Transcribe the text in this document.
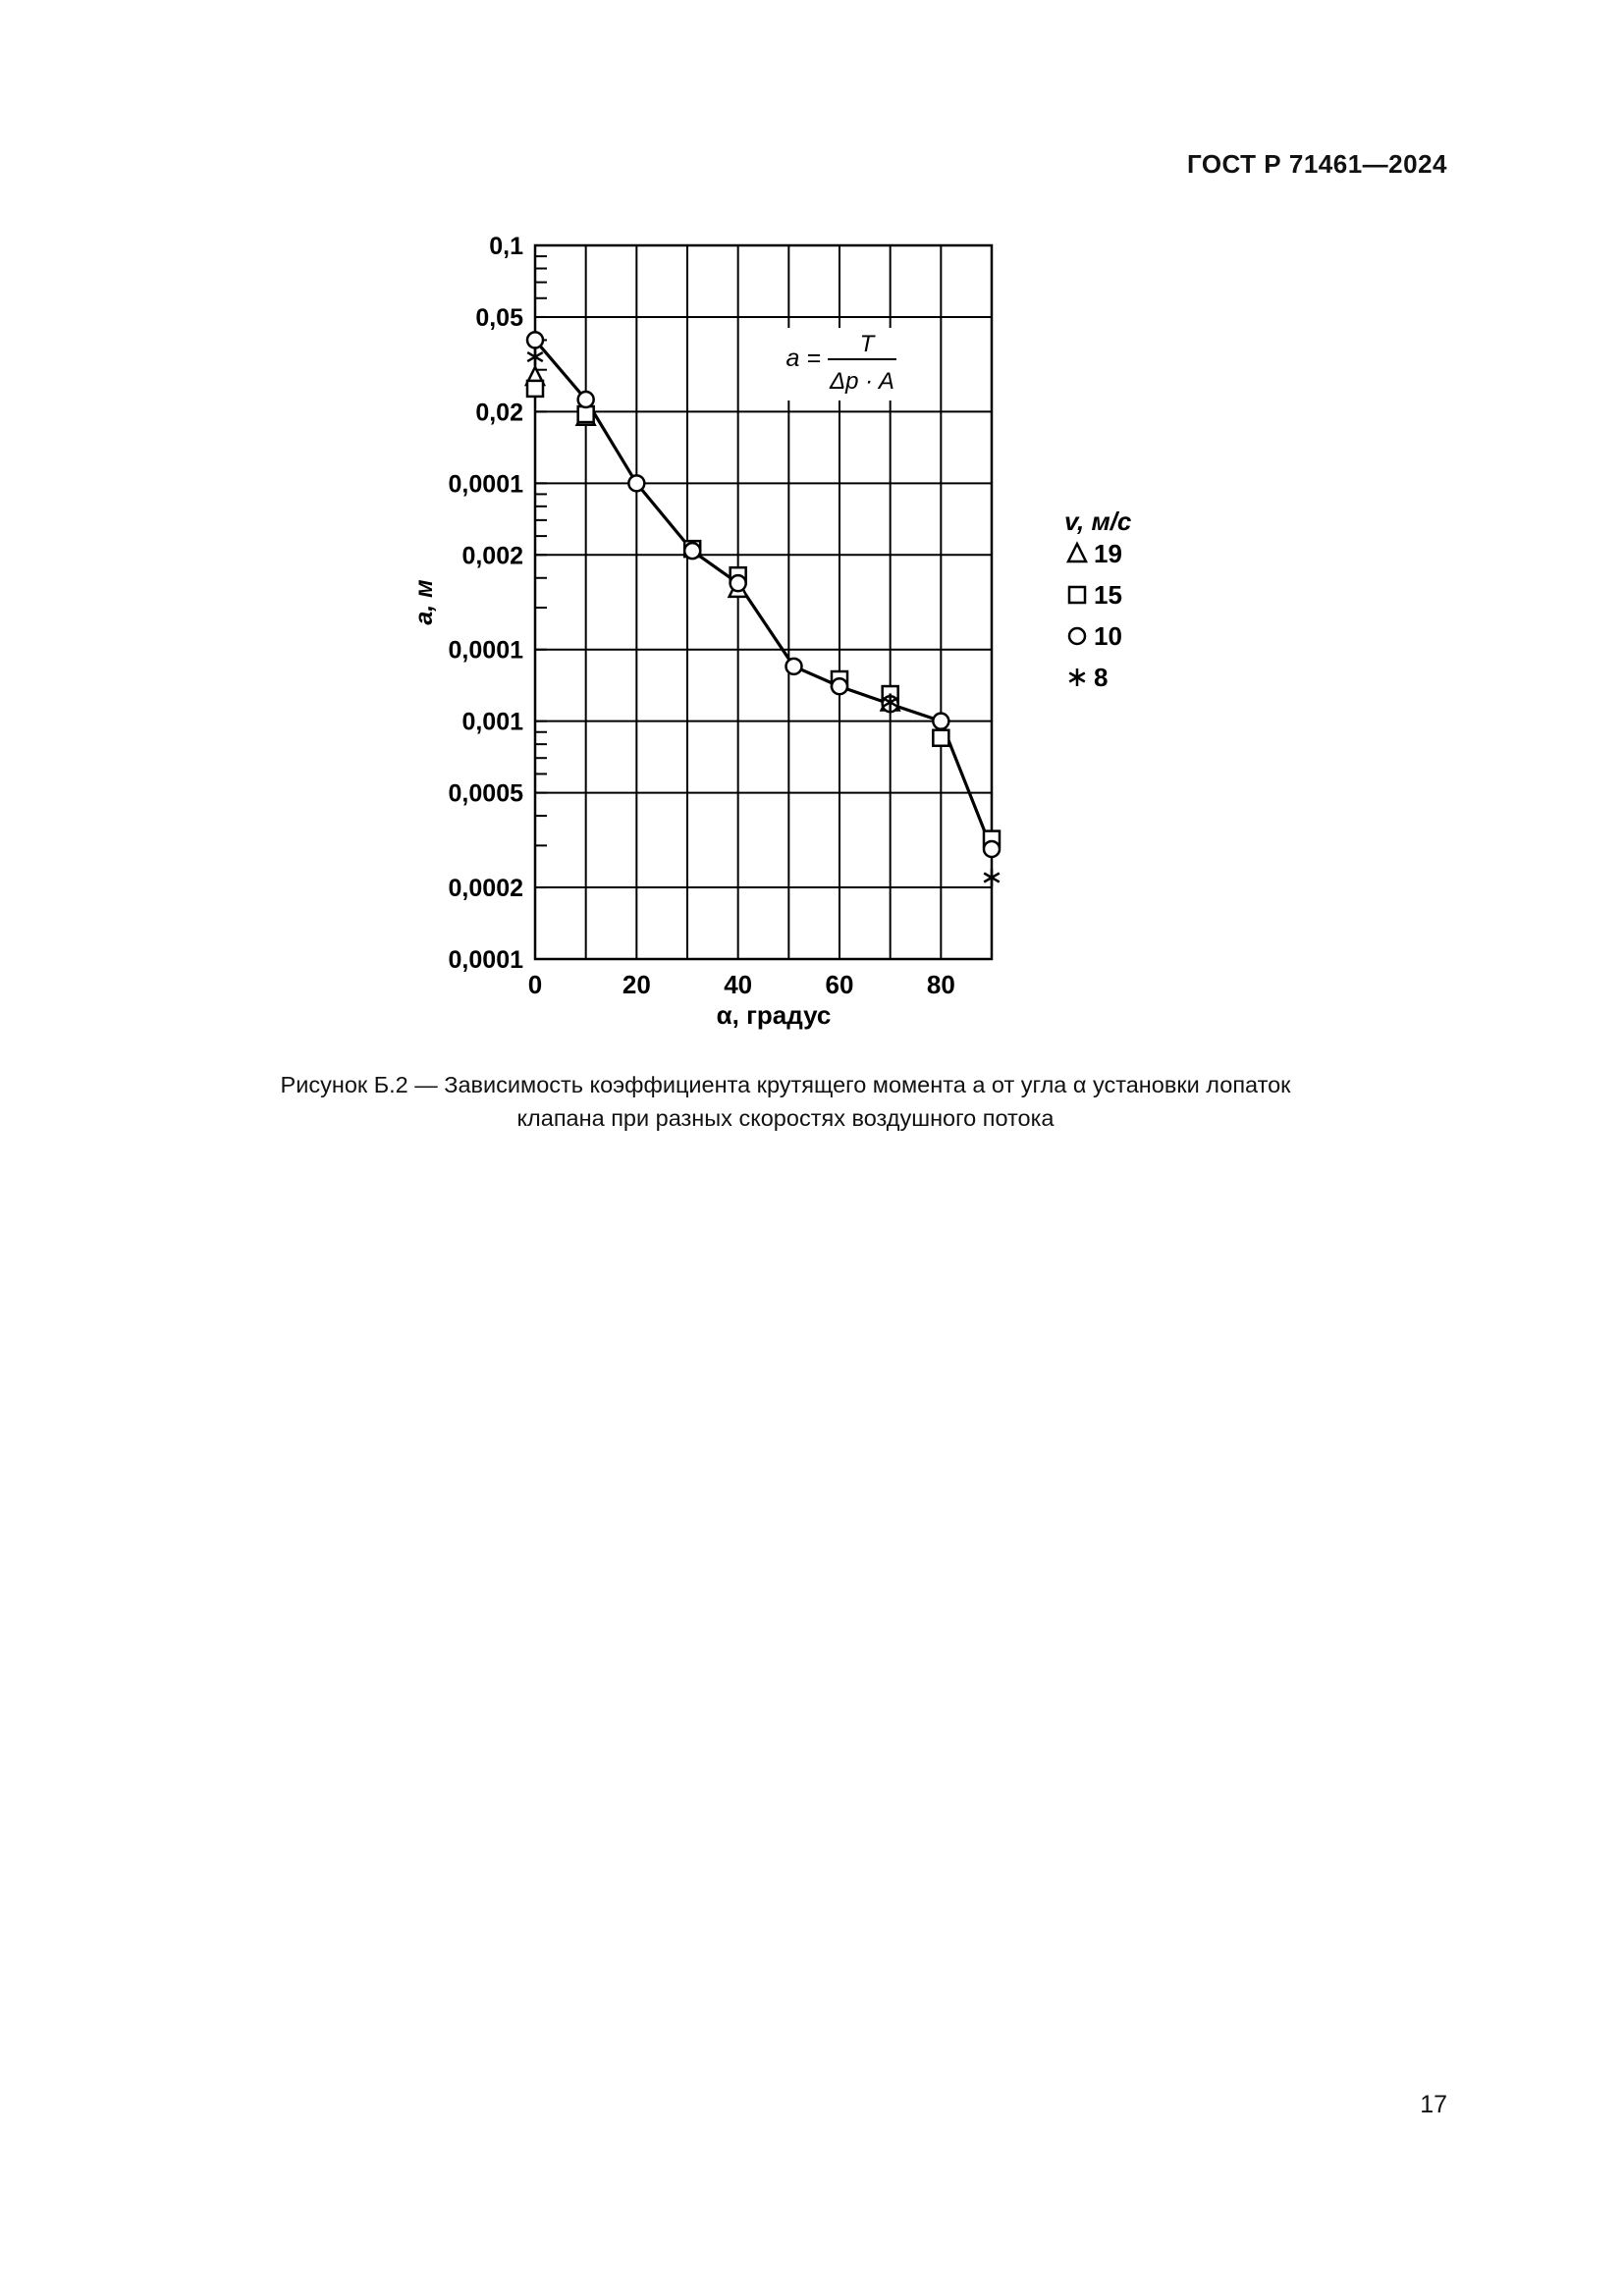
ГОСТ Р 71461—2024
0,1
0,05
0,02
0,0001
0,002
0,0001
0,001
0,0005
0,0002
0,0001
0	20	40	60	80
a, м
α, градус
a =
T
Δp · A
v, м/с
19
15
10
8
Рисунок Б.2 — Зависимость коэффициента крутящего момента a от угла α установки лопаток
клапана при разных скоростях воздушного потока
17
